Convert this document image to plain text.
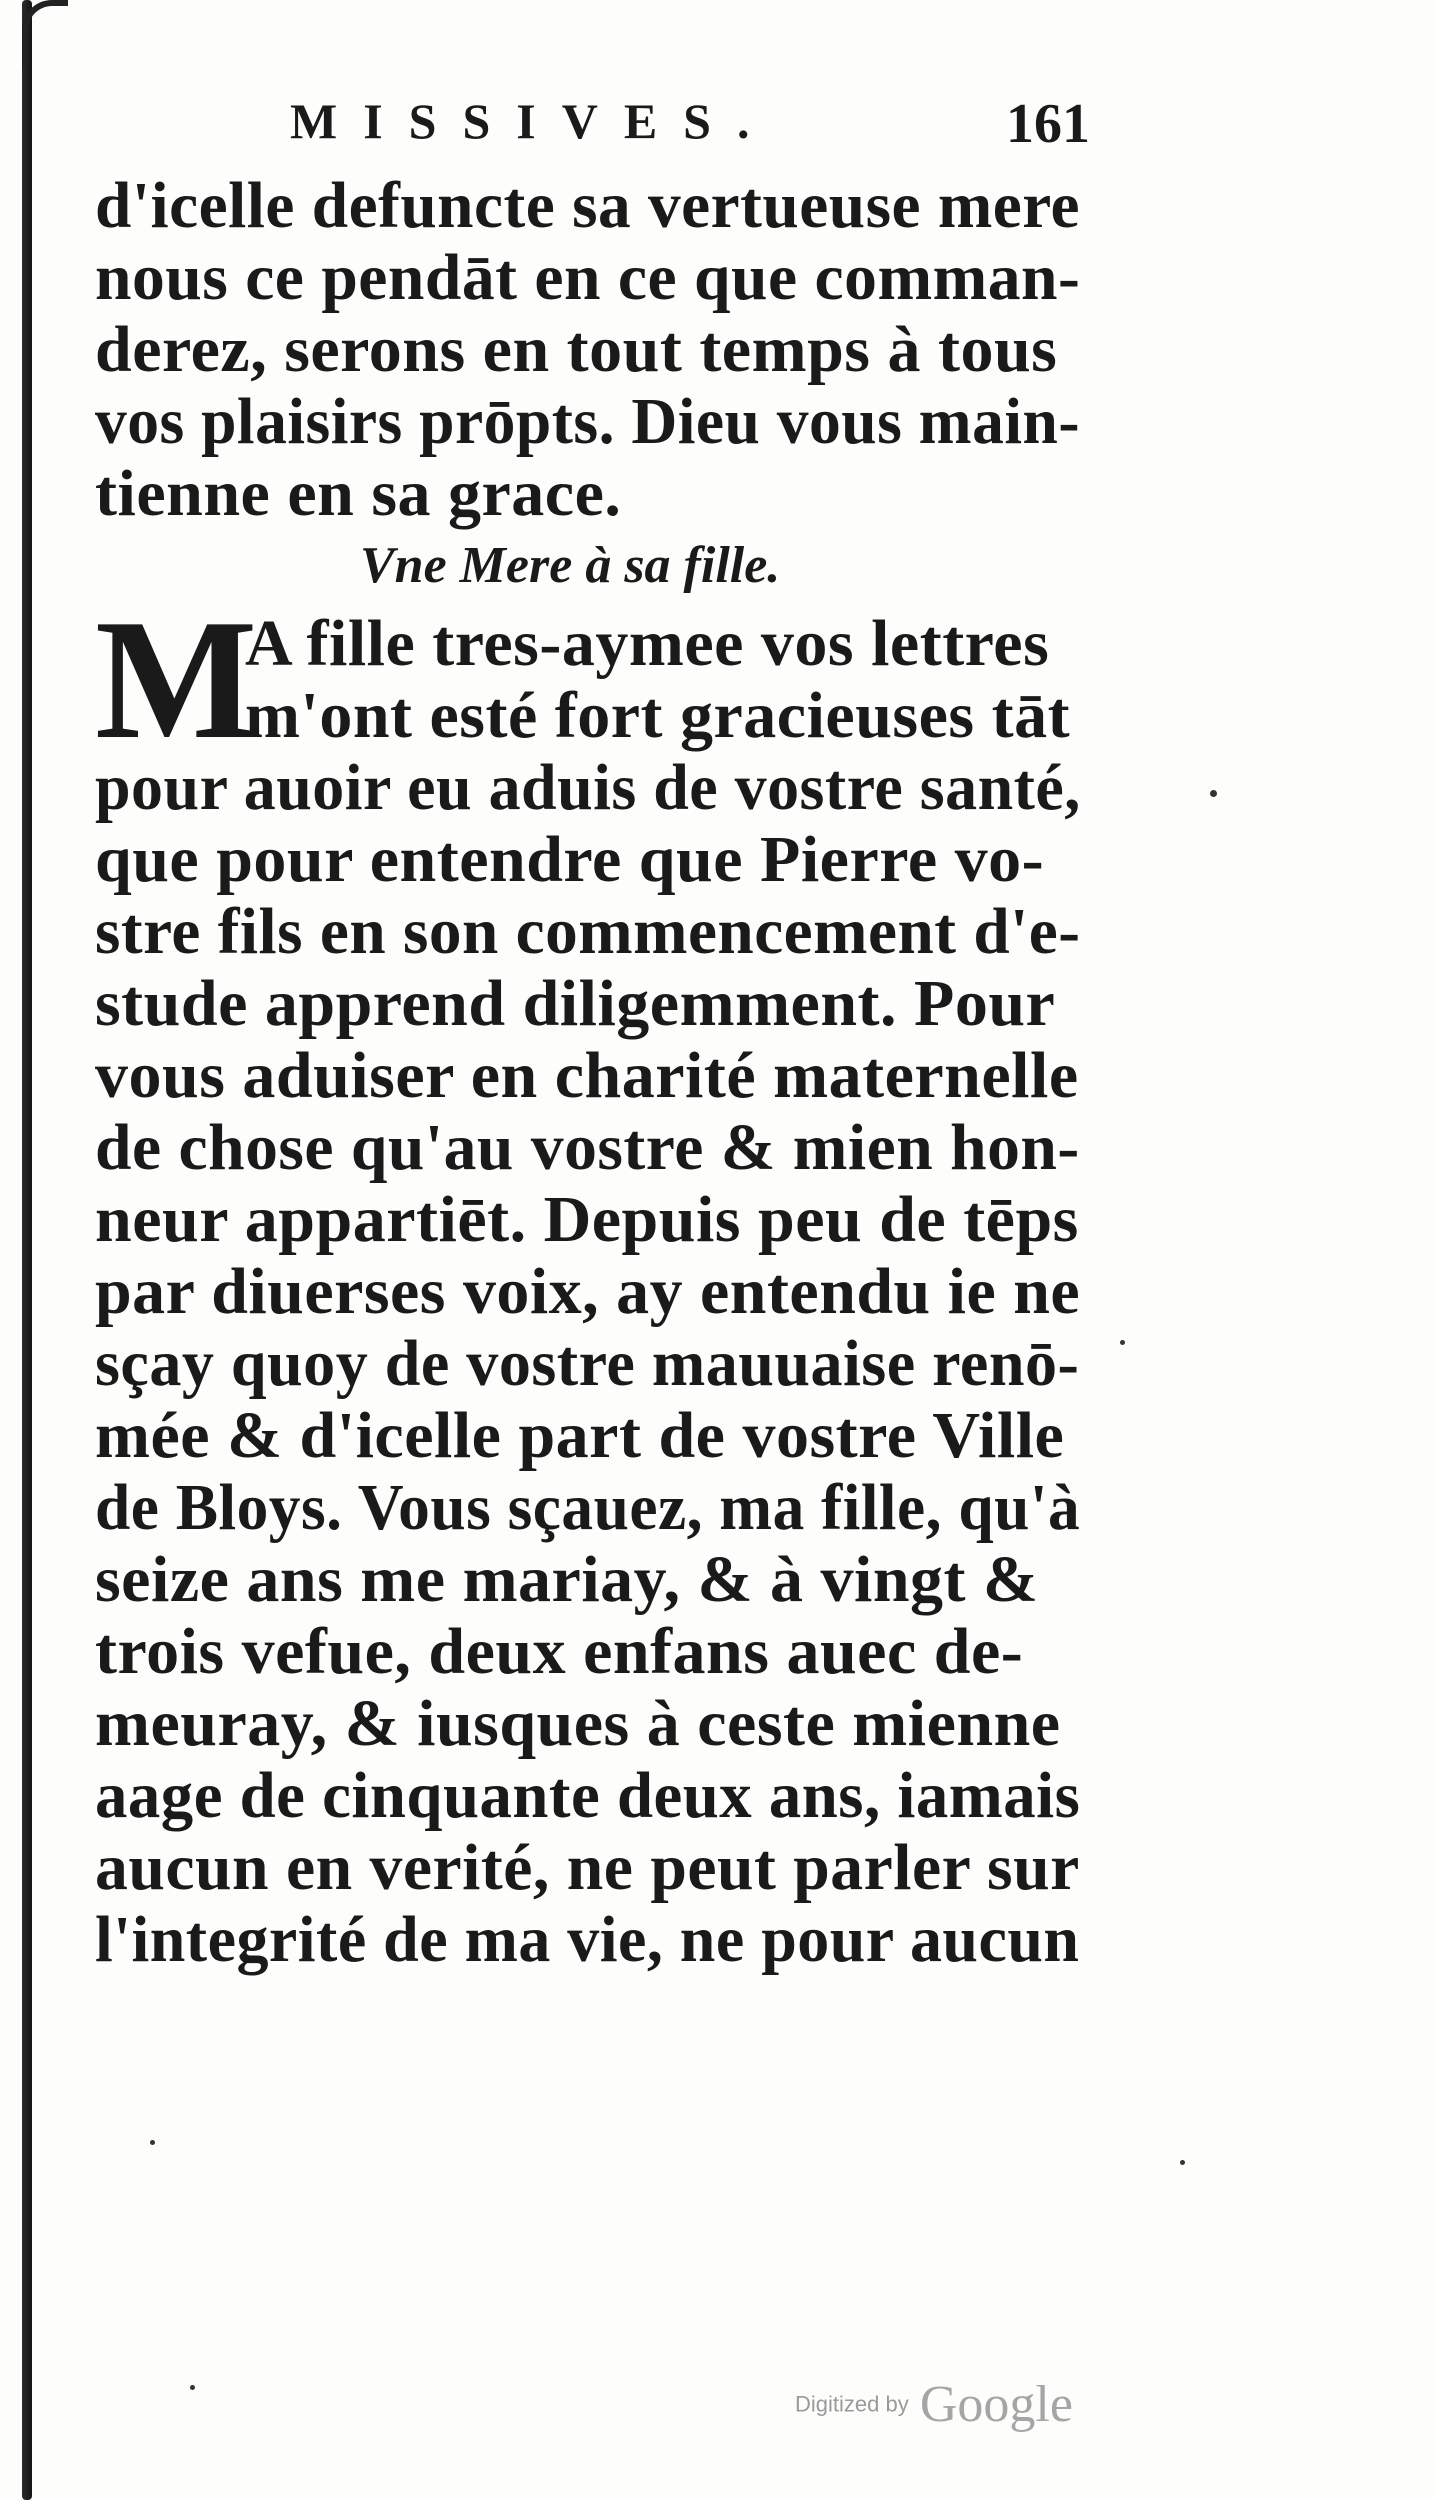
MISSIVES.	161
d'icelle defuncte sa vertueuse mere
nous ce pendāt en ce que comman-
derez, serons en tout temps à tous
vos plaisirs prōpts. Dieu vous main-
tienne en sa grace.
Vne Mere à sa fille.
M
A fille tres-aymee vos lettres
m'ont esté fort gracieuses tāt
pour auoir eu aduis de vostre santé,
que pour entendre que Pierre vo-
stre fils en son commencement d'e-
stude apprend diligemment. Pour
vous aduiser en charité maternelle
de chose qu'au vostre & mien hon-
neur appartiēt. Depuis peu de tēps
par diuerses voix, ay entendu ie ne
sçay quoy de vostre mauuaise renō-
mée & d'icelle part de vostre Ville
de Bloys. Vous sçauez, ma fille, qu'à
seize ans me mariay, & à vingt &
trois vefue, deux enfans auec de-
meuray, & iusques à ceste mienne
aage de cinquante deux ans, iamais
aucun en verité, ne peut parler sur
l'integrité de ma vie, ne pour aucun
Digitized by Google
